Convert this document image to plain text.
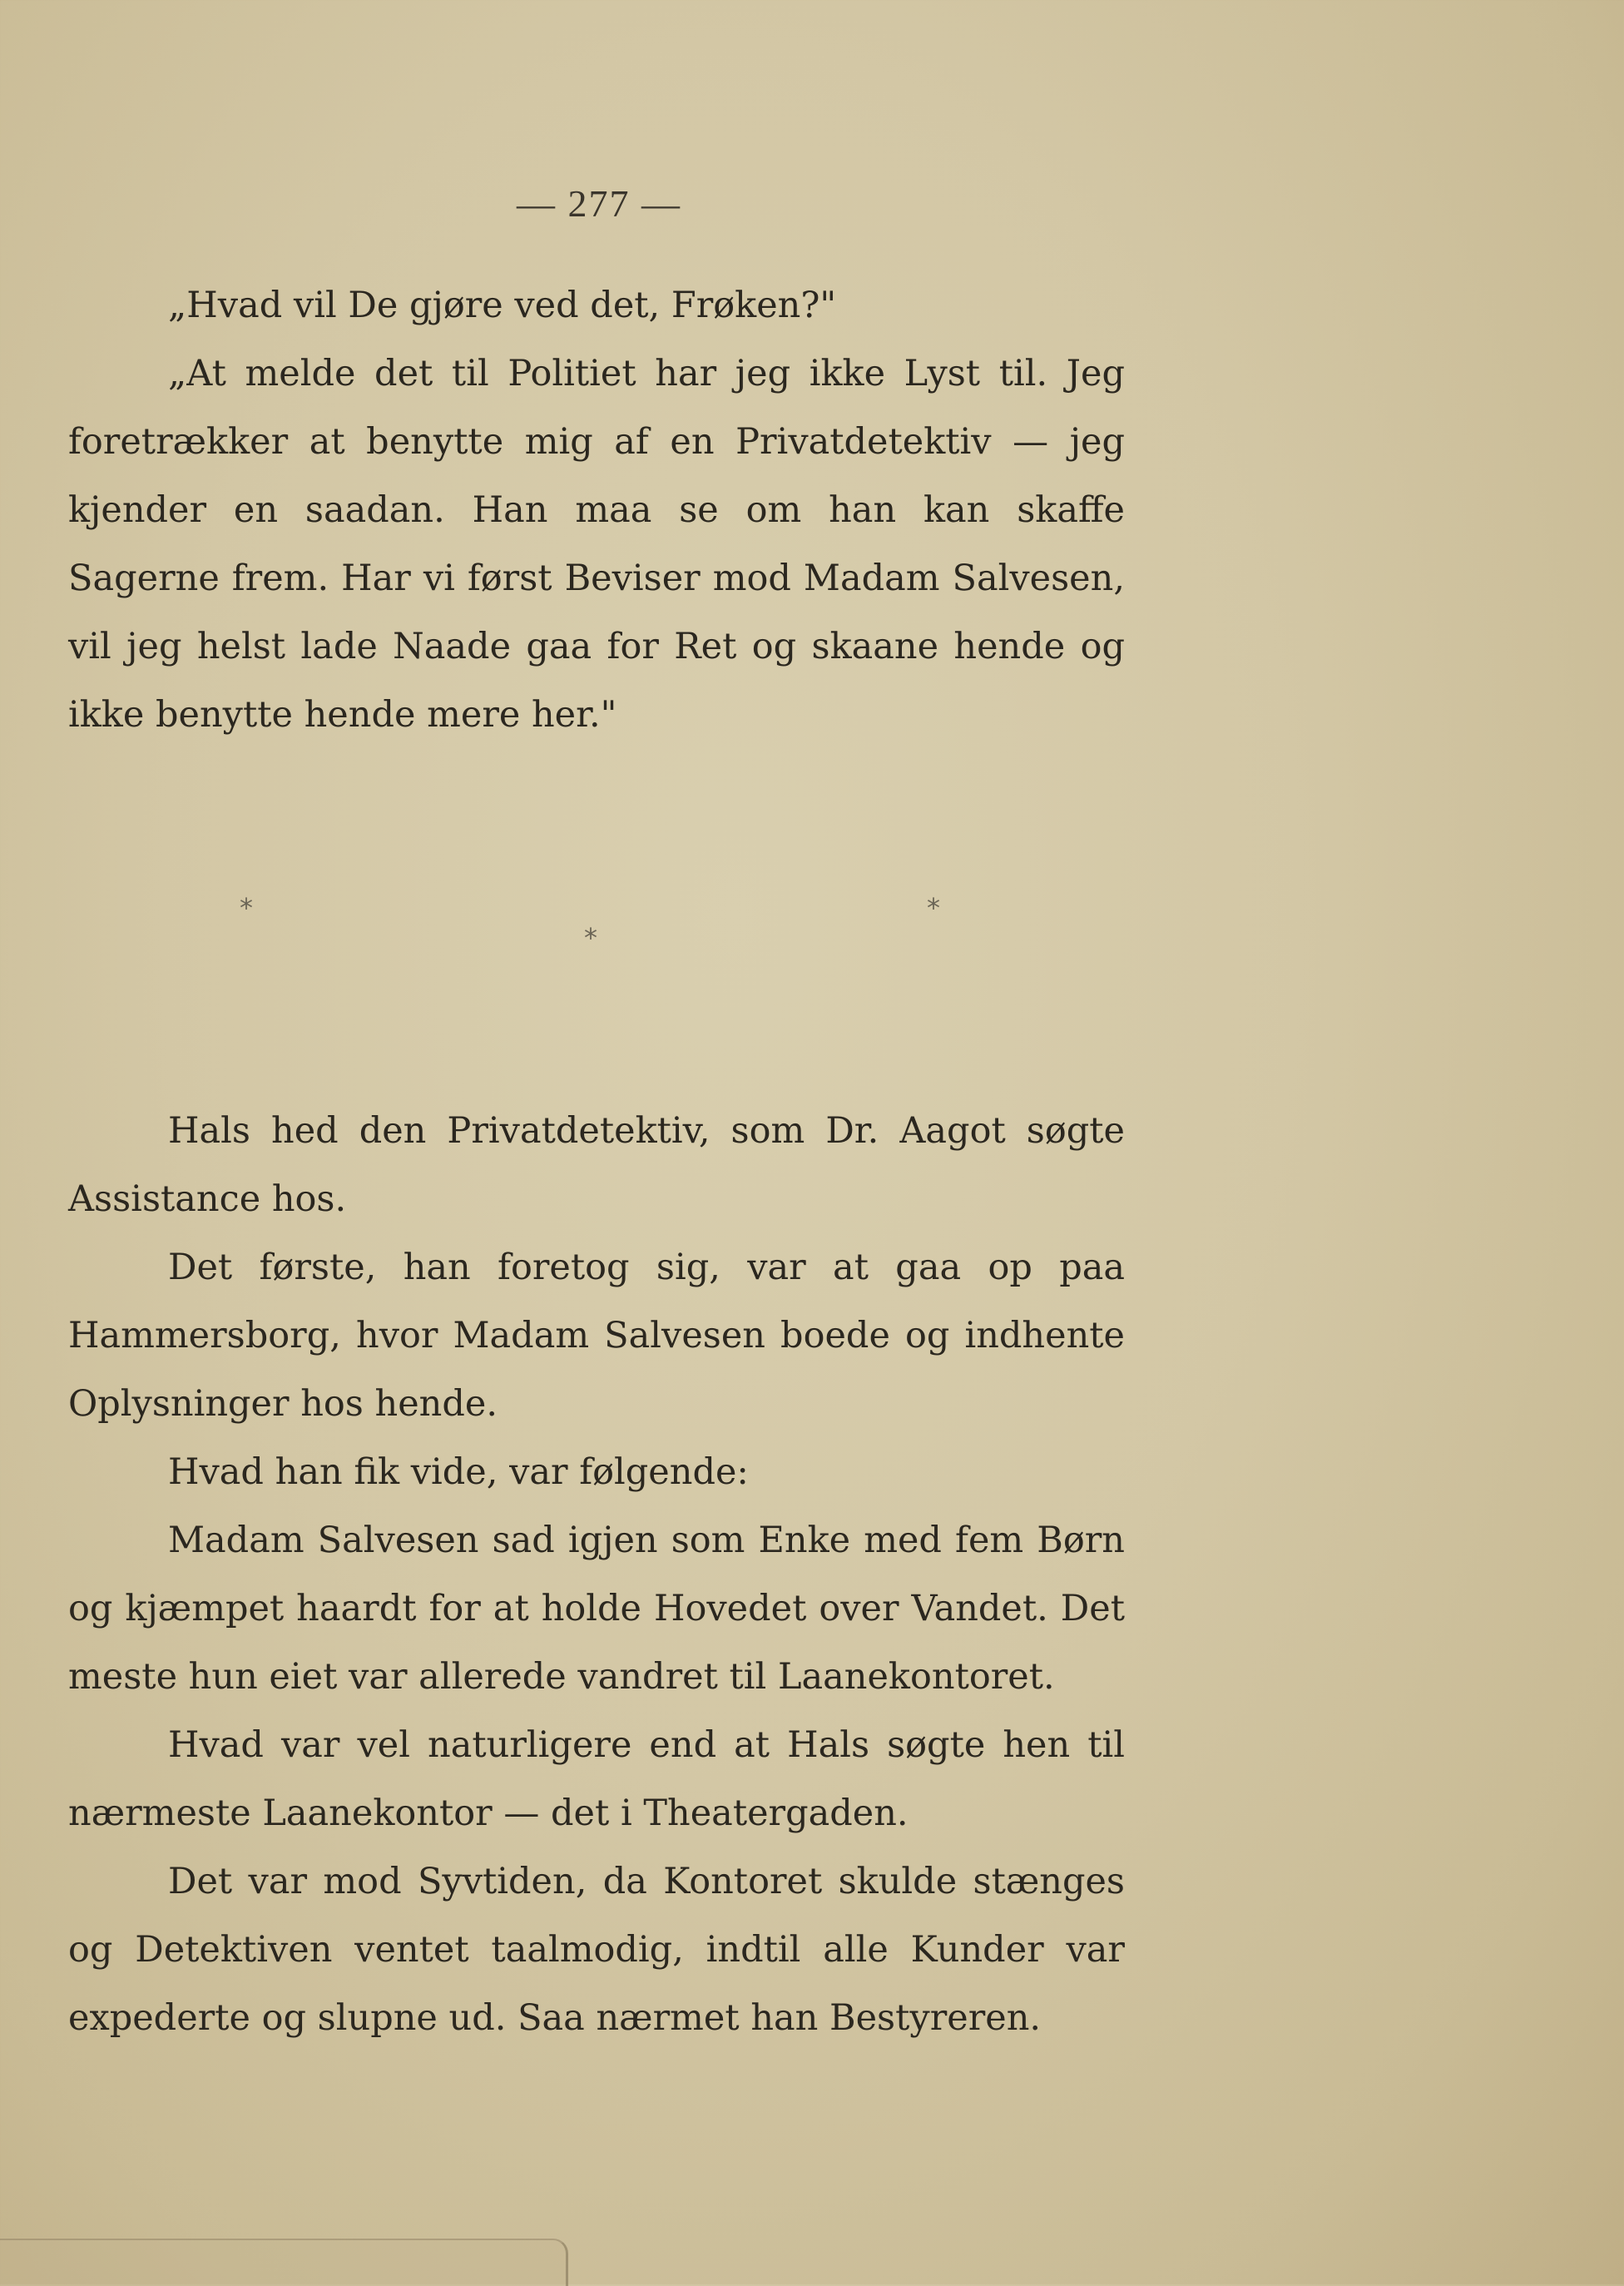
— 277 —

„Hvad vil De gjøre ved det, Frøken?"

„At melde det til Politiet har jeg ikke Lyst til. Jeg foretrækker at benytte mig af en Privatdetektiv — jeg kjender en saadan. Han maa se om han kan skaffe Sagerne frem. Har vi først Beviser mod Madam Salvesen, vil jeg helst lade Naade gaa for Ret og skaane hende og ikke benytte hende mere her."

*
*
*

Hals hed den Privatdetektiv, som Dr. Aagot søgte Assistance hos.

Det første, han foretog sig, var at gaa op paa Hammersborg, hvor Madam Salvesen boede og indhente Oplysninger hos hende.

Hvad han fik vide, var følgende:

Madam Salvesen sad igjen som Enke med fem Børn og kjæmpet haardt for at holde Hovedet over Vandet. Det meste hun eiet var allerede vandret til Laanekontoret.

Hvad var vel naturligere end at Hals søgte hen til nærmeste Laanekontor — det i Theatergaden.

Det var mod Syvtiden, da Kontoret skulde stænges og Detektiven ventet taalmodig, indtil alle Kunder var expederte og slupne ud. Saa nærmet han Bestyreren.
